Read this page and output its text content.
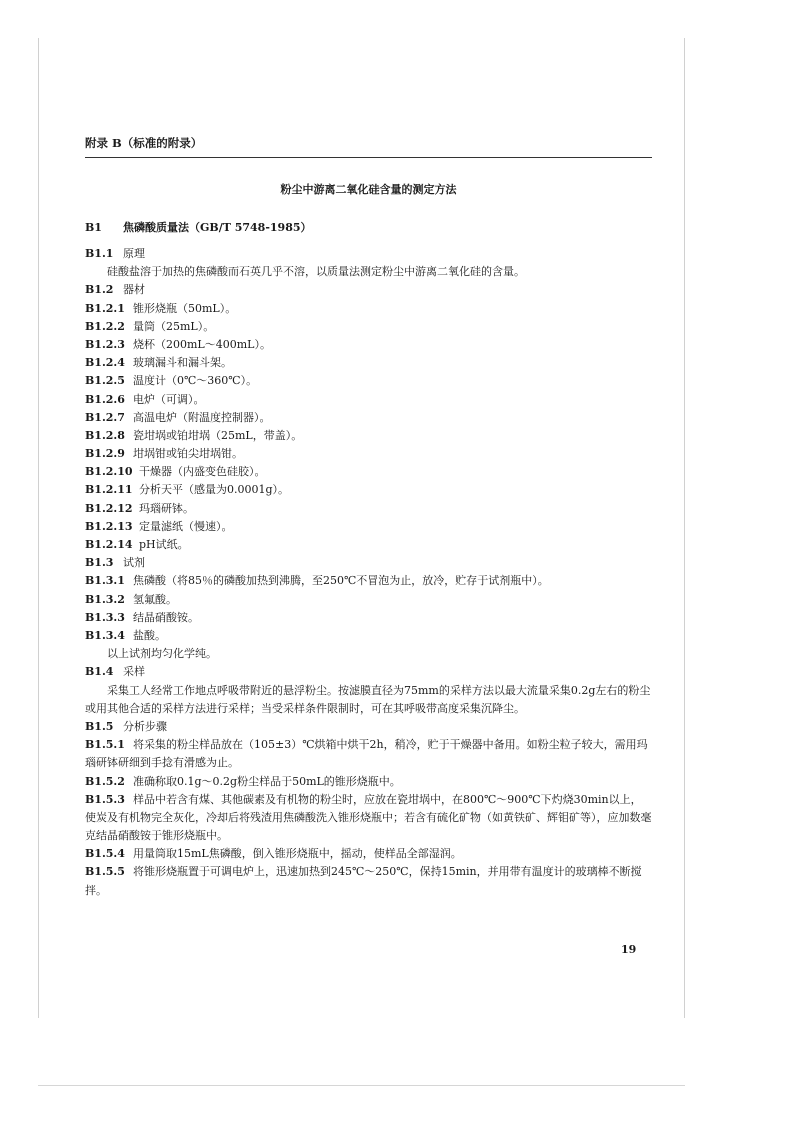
附录 B（标准的附录）
粉尘中游离二氧化硅含量的测定方法
B1 焦磷酸质量法（GB/T 5748-1985）
B1.1 原理
硅酸盐溶于加热的焦磷酸而石英几乎不溶，以质量法测定粉尘中游离二氧化硅的含量。
B1.2 器材
B1.2.1 锥形烧瓶（50mL）。
B1.2.2 量筒（25mL）。
B1.2.3 烧杯（200mL～400mL）。
B1.2.4 玻璃漏斗和漏斗架。
B1.2.5 温度计（0℃～360℃）。
B1.2.6 电炉（可调）。
B1.2.7 高温电炉（附温度控制器）。
B1.2.8 瓷坩埚或铂坩埚（25mL，带盖）。
B1.2.9 坩埚钳或铂尖坩埚钳。
B1.2.10 干燥器（内盛变色硅胶）。
B1.2.11 分析天平（感量为0.0001g）。
B1.2.12 玛瑙研钵。
B1.2.13 定量滤纸（慢速）。
B1.2.14 pH试纸。
B1.3 试剂
B1.3.1 焦磷酸（将85％的磷酸加热到沸腾，至250℃不冒泡为止，放冷，贮存于试剂瓶中）。
B1.3.2 氢氟酸。
B1.3.3 结晶硝酸铵。
B1.3.4 盐酸。
以上试剂均匀化学纯。
B1.4 采样
采集工人经常工作地点呼吸带附近的悬浮粉尘。按滤膜直径为75mm的采样方法以最大流量采集0.2g左右的粉尘或用其他合适的采样方法进行采样；当受采样条件限制时，可在其呼吸带高度采集沉降尘。
B1.5 分析步骤
B1.5.1 将采集的粉尘样品放在（105±3）℃烘箱中烘干2h，稍冷，贮于干燥器中备用。如粉尘粒子较大，需用玛瑙研钵研细到手捻有滑感为止。
B1.5.2 准确称取0.1g～0.2g粉尘样品于50mL的锥形烧瓶中。
B1.5.3 样品中若含有煤、其他碳素及有机物的粉尘时，应放在瓷坩埚中，在800℃～900℃下灼烧30min以上，使炭及有机物完全灰化，冷却后将残渣用焦磷酸洗入锥形烧瓶中；若含有硫化矿物（如黄铁矿、辉钼矿等），应加数毫克结晶硝酸铵于锥形烧瓶中。
B1.5.4 用量筒取15mL焦磷酸，倒入锥形烧瓶中，摇动，使样品全部湿润。
B1.5.5 将锥形烧瓶置于可调电炉上，迅速加热到245℃～250℃，保持15min，并用带有温度计的玻璃棒不断搅拌。
19
